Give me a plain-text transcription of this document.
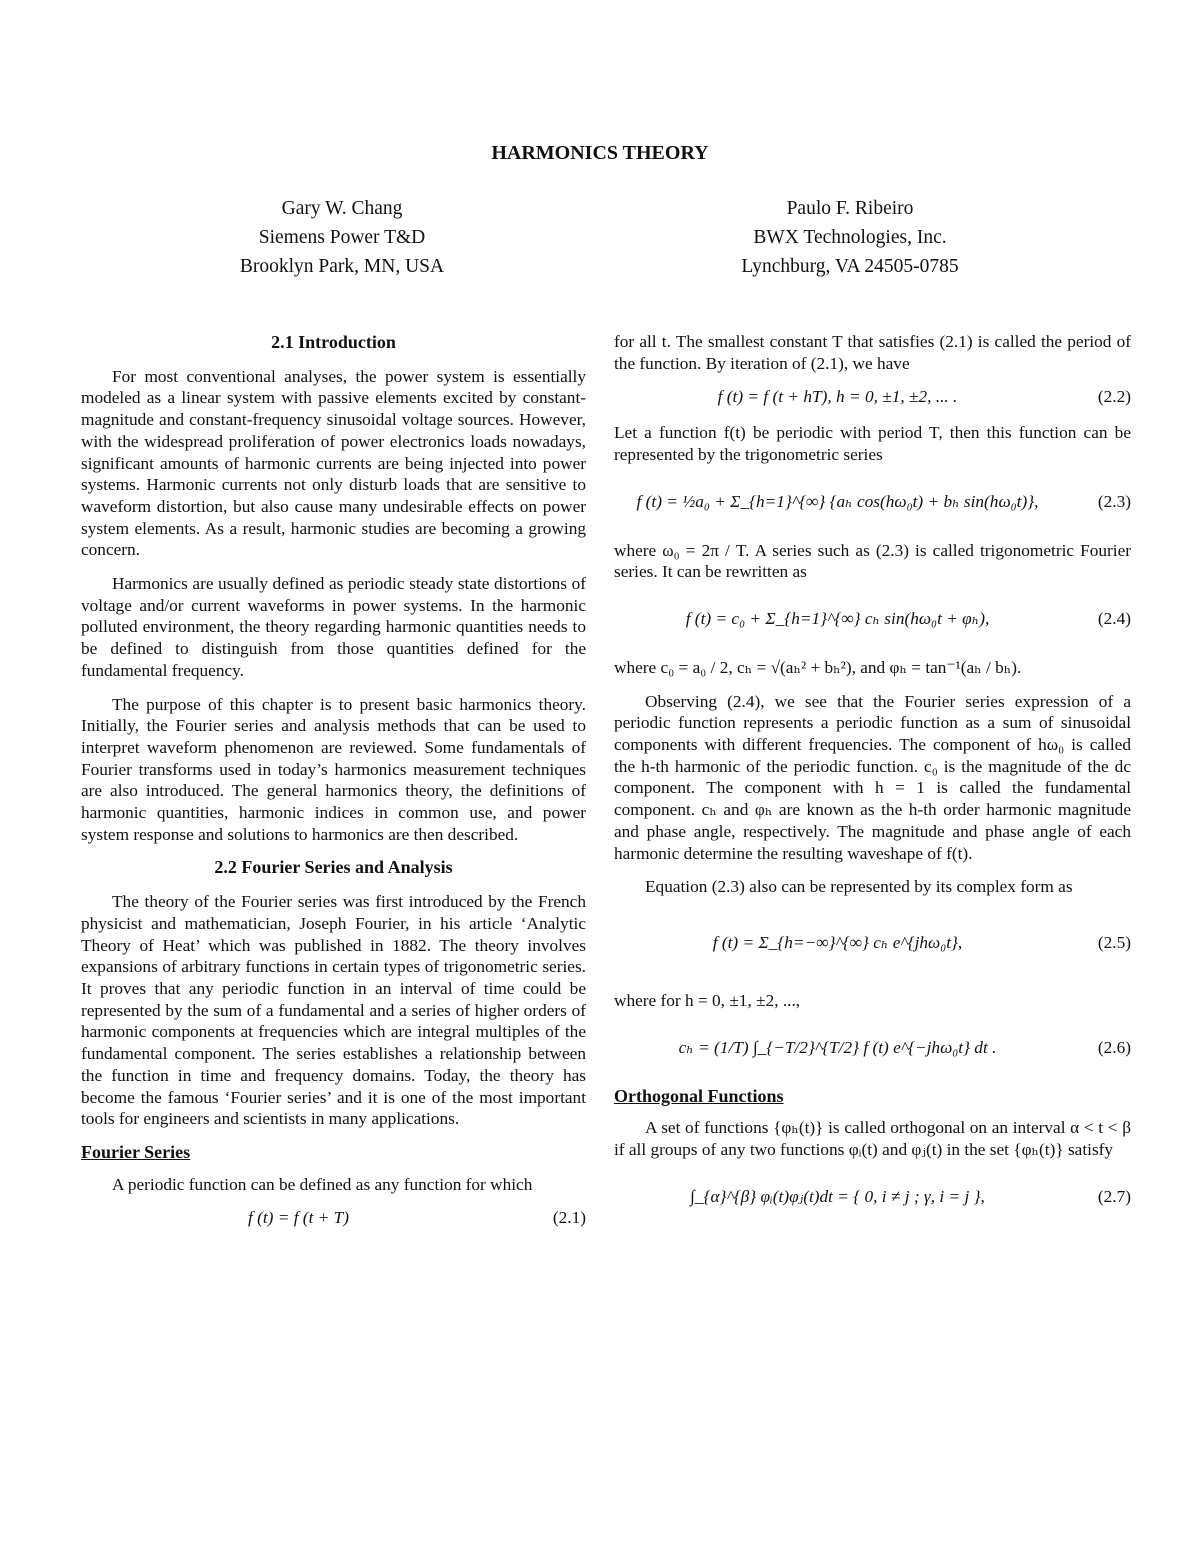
HARMONICS THEORY
Gary W. Chang
Siemens Power T&D
Brooklyn Park, MN, USA
Paulo F. Ribeiro
BWX Technologies, Inc.
Lynchburg, VA 24505-0785
2.1 Introduction

For most conventional analyses, the power system is essentially modeled as a linear system with passive elements excited by constant- magnitude and constant-frequency sinusoidal voltage sources. However, with the widespread proliferation of power electronics loads nowadays, significant amounts of harmonic currents are being injected into power systems. Harmonic currents not only disturb loads that are sensitive to waveform distortion, but also cause many undesirable effects on power system elements. As a result, harmonic studies are becoming a growing concern.

Harmonics are usually defined as periodic steady state distortions of voltage and/or current waveforms in power systems. In the harmonic polluted environment, the theory regarding harmonic quantities needs to be defined to distinguish from those quantities defined for the fundamental frequency.

The purpose of this chapter is to present basic harmonics theory. Initially, the Fourier series and analysis methods that can be used to interpret waveform phenomenon are reviewed. Some fundamentals of Fourier transforms used in today’s harmonics measurement techniques are also introduced. The general harmonics theory, the definitions of harmonic quantities, harmonic indices in common use, and power system response and solutions to harmonics are then described.

2.2 Fourier Series and Analysis

The theory of the Fourier series was first introduced by the French physicist and mathematician, Joseph Fourier, in his article ‘Analytic Theory of Heat’ which was published in 1882. The theory involves expansions of arbitrary functions in certain types of trigonometric series. It proves that any periodic function in an interval of time could be represented by the sum of a fundamental and a series of higher orders of harmonic components at frequencies which are integral multiples of the fundamental component. The series establishes a relationship between the function in time and frequency domains. Today, the theory has become the famous ‘Fourier series’ and it is one of the most important tools for engineers and scientists in many applications.

Fourier Series

A periodic function can be defined as any function for which

f (t) = f (t + T)	(2.1)

for all t. The smallest constant T that satisfies (2.1) is called the period of the function. By iteration of (2.1), we have

f (t) = f (t + hT), h = 0, ±1, ±2, ... .	(2.2)

Let a function f(t) be periodic with period T, then this function can be represented by the trigonometric series

f (t) = ½a₀ + Σ_{h=1}^{∞} {aₕ cos(hω₀t) + bₕ sin(hω₀t)},	(2.3)

where ω₀ = 2π / T. A series such as (2.3) is called trigonometric Fourier series. It can be rewritten as

f (t) = c₀ + Σ_{h=1}^{∞} cₕ sin(hω₀t + φₕ),	(2.4)

where c₀ = a₀ / 2, cₕ = √(aₕ² + bₕ²), and φₕ = tan⁻¹(aₕ / bₕ).

Observing (2.4), we see that the Fourier series expression of a periodic function represents a periodic function as a sum of sinusoidal components with different frequencies. The component of hω₀ is called the h-th harmonic of the periodic function. c₀ is the magnitude of the dc component. The component with h = 1 is called the fundamental component. cₕ and φₕ are known as the h-th order harmonic magnitude and phase angle, respectively. The magnitude and phase angle of each harmonic determine the resulting waveshape of f(t).

Equation (2.3) also can be represented by its complex form as

f (t) = Σ_{h=−∞}^{∞} cₕ e^{jhω₀t},	(2.5)

where for h = 0, ±1, ±2, ...,

cₕ = (1/T) ∫_{−T/2}^{T/2} f (t) e^{−jhω₀t} dt .	(2.6)
Orthogonal Functions

A set of functions {φₕ(t)} is called orthogonal on an interval α < t < β if all groups of any two functions φᵢ(t) and φⱼ(t) in the set {φₕ(t)} satisfy

∫_{α}^{β} φᵢ(t)φⱼ(t)dt = { 0, i ≠ j ; γ, i = j },	(2.7)
